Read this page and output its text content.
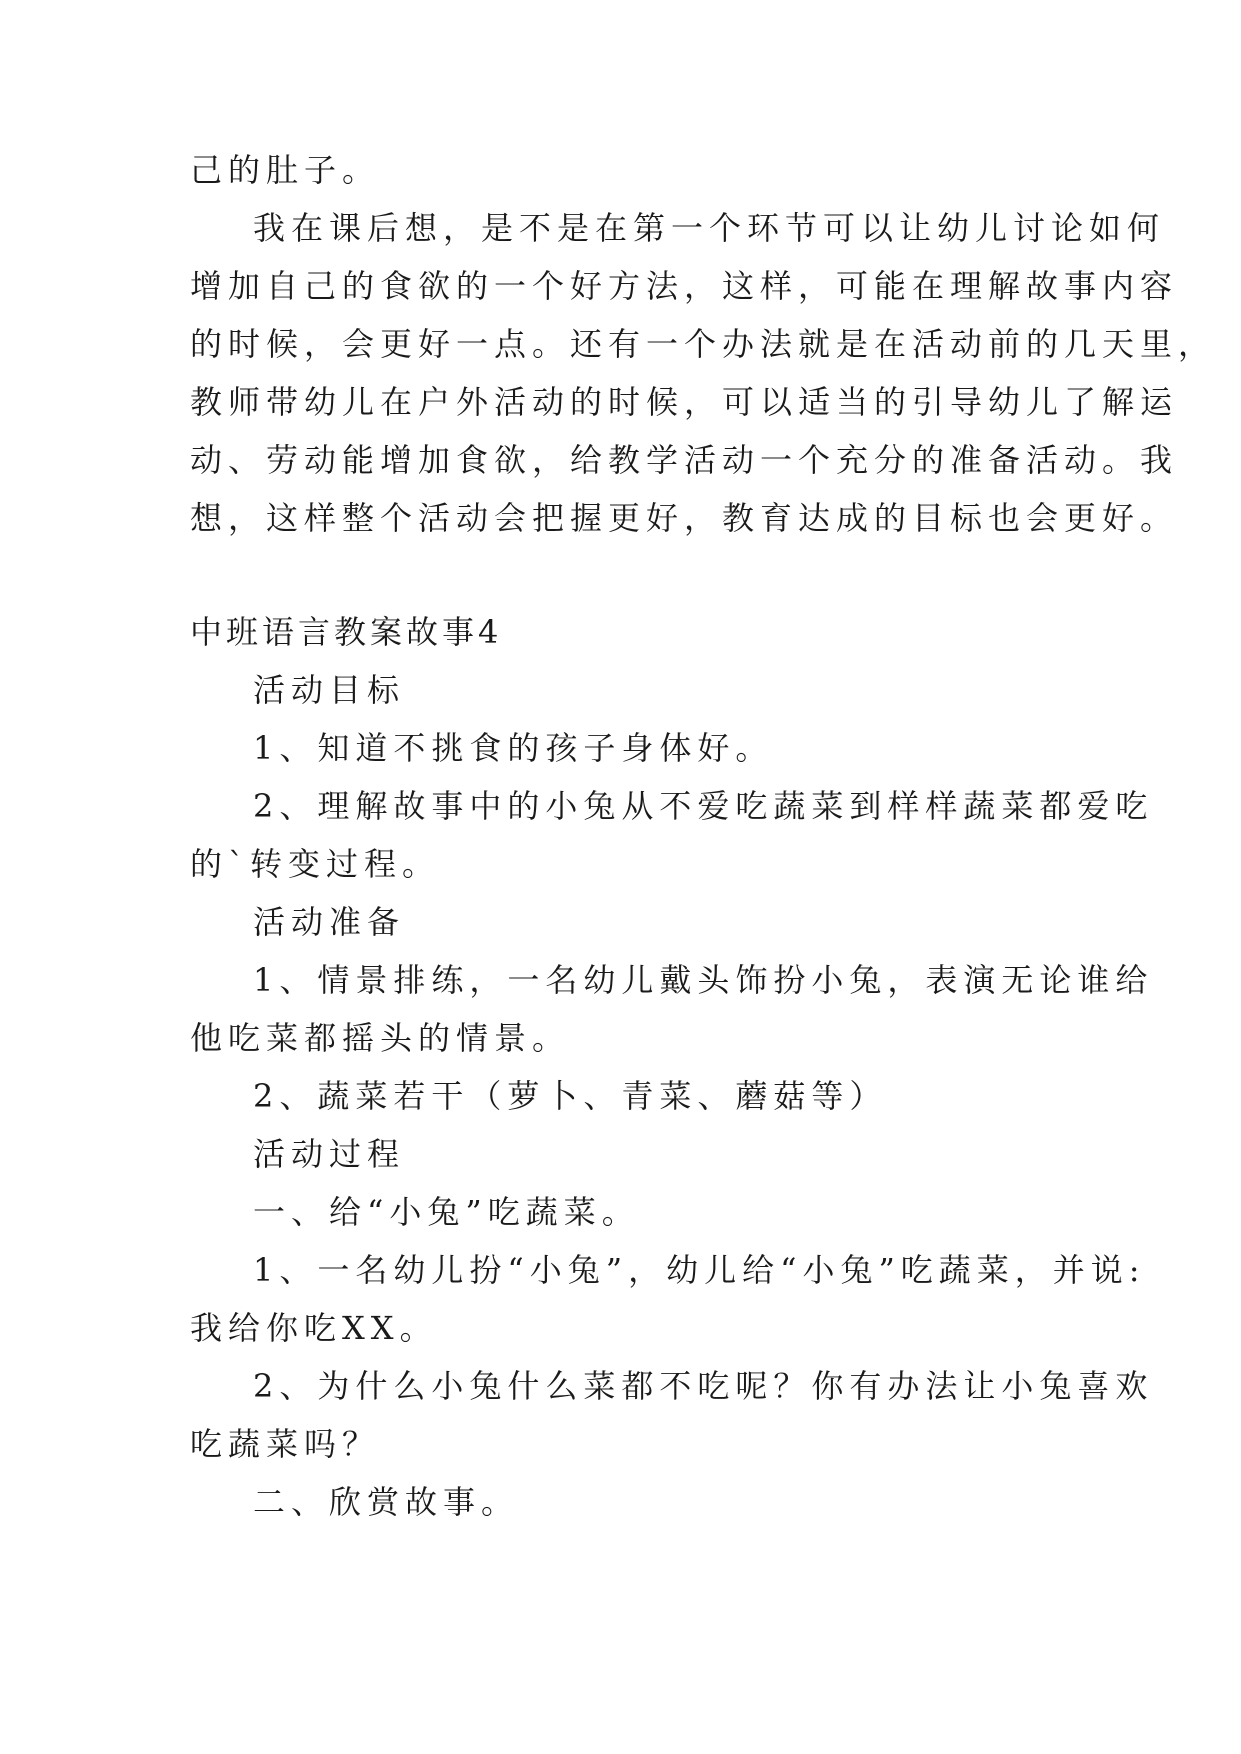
己的肚子。
我在课后想，是不是在第一个环节可以让幼儿讨论如何
增加自己的食欲的一个好方法，这样，可能在理解故事内容
的时候，会更好一点。还有一个办法就是在活动前的几天里，
教师带幼儿在户外活动的时候，可以适当的引导幼儿了解运
动、劳动能增加食欲，给教学活动一个充分的准备活动。我
想，这样整个活动会把握更好，教育达成的目标也会更好。
中班语言教案故事4
活动目标
1、知道不挑食的孩子身体好。
2、理解故事中的小兔从不爱吃蔬菜到样样蔬菜都爱吃
的`转变过程。
活动准备
1、情景排练，一名幼儿戴头饰扮小兔，表演无论谁给
他吃菜都摇头的情景。
2、蔬菜若干（萝卜、青菜、蘑菇等）
活动过程
一、给“小兔”吃蔬菜。
1、一名幼儿扮“小兔”，幼儿给“小兔”吃蔬菜，并说:
我给你吃XX。
2、为什么小兔什么菜都不吃呢？你有办法让小兔喜欢
吃蔬菜吗？
二、欣赏故事。
